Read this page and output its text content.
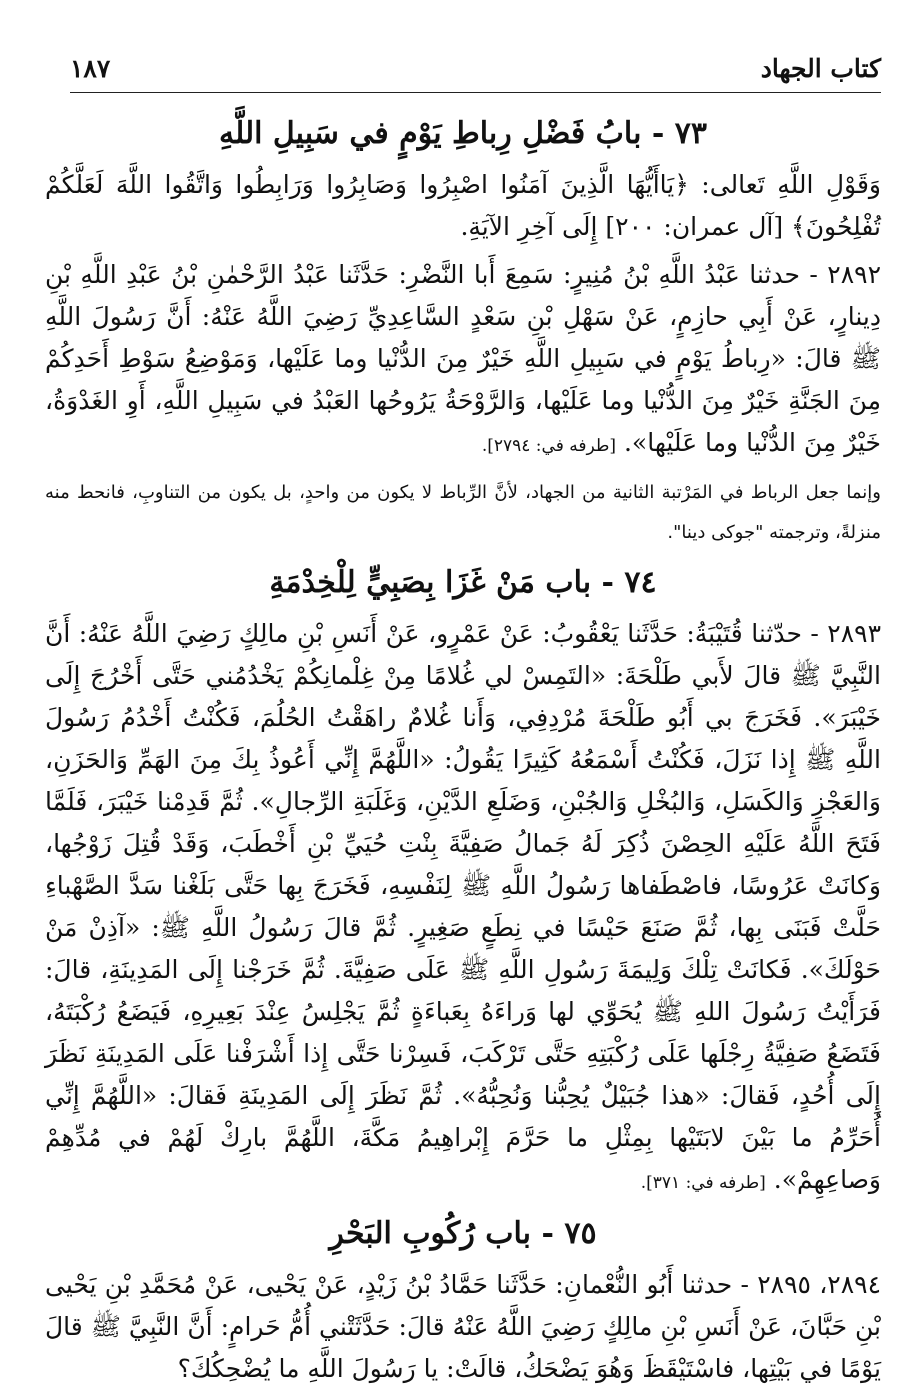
كتاب الجهاد
١٨٧
٧٣ - بابُ فَضْلِ رِباطِ يَوْمٍ في سَبِيلِ اللَّهِ

وَقَوْلِ اللَّهِ تَعالى: ﴿يَاأَيُّهَا الَّذِينَ آمَنُوا اصْبِرُوا وَصَابِرُوا وَرَابِطُوا وَاتَّقُوا اللَّهَ لَعَلَّكُمْ تُفْلِحُونَ﴾ [آل عمران: ٢٠٠] إِلَى آخِرِ الآيَةِ.

٢٨٩٢ - حدثنا عَبْدُ اللَّهِ بْنُ مُنِيرٍ: سَمِعَ أَبا النَّضْرِ: حَدَّثَنا عَبْدُ الرَّحْمٰنِ بْنُ عَبْدِ اللَّهِ بْنِ دِينارٍ، عَنْ أَبِي حازِمٍ، عَنْ سَهْلِ بْنِ سَعْدٍ السَّاعِدِيِّ رَضِيَ اللَّهُ عَنْهُ: أَنَّ رَسُولَ اللَّهِ ﷺ قالَ: «رِباطُ يَوْمٍ في سَبِيلِ اللَّهِ خَيْرٌ مِنَ الدُّنْيا وما عَلَيْها، وَمَوْضِعُ سَوْطِ أَحَدِكُمْ مِنَ الجَنَّةِ خَيْرٌ مِنَ الدُّنْيا وما عَلَيْها، وَالرَّوْحَةُ يَرُوحُها العَبْدُ في سَبِيلِ اللَّهِ، أَوِ الغَدْوَةُ، خَيْرٌ مِنَ الدُّنْيا وما عَلَيْها». [طرفه في: ٢٧٩٤].

وإنما جعل الرباط في المَرْتبة الثانية من الجهاد، لأنَّ الرِّباط لا يكون من واحدٍ، بل يكون من التناوبِ، فانحط منه منزلةً، وترجمته "جوكى دينا".

٧٤ - باب مَنْ غَزَا بِصَبِيٍّ لِلْخِدْمَةِ

٢٨٩٣ - حدّثنا قُتَيْبَةُ: حَدَّثَنا يَعْقُوبُ: عَنْ عَمْرٍو، عَنْ أَنَسِ بْنِ مالِكٍ رَضِيَ اللَّهُ عَنْهُ: أَنَّ النَّبِيَّ ﷺ قالَ لأَبي طَلْحَةَ: «التَمِسْ لي غُلامًا مِنْ غِلْمانِكُمْ يَخْدُمُني حَتَّى أَخْرُجَ إِلَى خَيْبَرَ». فَخَرَجَ بي أَبُو طَلْحَةَ مُرْدِفِي، وَأَنا غُلامٌ راهَقْتُ الحُلُمَ، فَكُنْتُ أَخْدُمُ رَسُولَ اللَّهِ ﷺ إِذا نَزَلَ، فَكُنْتُ أَسْمَعُهُ كَثِيرًا يَقُولُ: «اللَّهُمَّ إِنِّي أَعُوذُ بِكَ مِنَ الهَمِّ وَالحَزَنِ، وَالعَجْزِ وَالكَسَلِ، وَالبُخْلِ وَالجُبْنِ، وَضَلَعِ الدَّيْنِ، وَغَلَبَةِ الرِّجالِ». ثُمَّ قَدِمْنا خَيْبَرَ، فَلَمَّا فَتَحَ اللَّهُ عَلَيْهِ الحِصْنَ ذُكِرَ لَهُ جَمالُ صَفِيَّةَ بِنْتِ حُيَيِّ بْنِ أَخْطَبَ، وَقَدْ قُتِلَ زَوْجُها، وَكانَتْ عَرُوسًا، فاصْطَفاها رَسُولُ اللَّهِ ﷺ لِنَفْسِهِ، فَخَرَجَ بِها حَتَّى بَلَغْنا سَدَّ الصَّهْباءِ حَلَّتْ فَبَنَى بِها، ثُمَّ صَنَعَ حَيْسًا في نِطَعٍ صَغِيرٍ. ثُمَّ قالَ رَسُولُ اللَّهِ ﷺ: «آذِنْ مَنْ حَوْلَكَ». فَكانَتْ تِلْكَ وَلِيمَةَ رَسُولِ اللَّهِ ﷺ عَلَى صَفِيَّةَ. ثُمَّ خَرَجْنا إِلَى المَدِينَةِ، قالَ: فَرَأَيْتُ رَسُولَ اللهِ ﷺ يُحَوِّي لها وَراءَهُ بِعَباءَةٍ ثُمَّ يَجْلِسُ عِنْدَ بَعِيرِهِ، فَيَضَعُ رُكْبَتَهُ، فَتَضَعُ صَفِيَّةُ رِجْلَها عَلَى رُكْبَتِهِ حَتَّى تَرْكَبَ، فَسِرْنا حَتَّى إِذا أَشْرَفْنا عَلَى المَدِينَةِ نَظَرَ إِلَى أُحُدٍ، فَقالَ: «هذا جُبَيْلٌ يُحِبُّنا وَنُحِبُّهُ». ثُمَّ نَظَرَ إِلَى المَدِينَةِ فَقالَ: «اللَّهُمَّ إِنِّي أُحَرِّمُ ما بَيْنَ لابَتَيْها بِمِثْلِ ما حَرَّمَ إِبْراهِيمُ مَكَّةَ، اللَّهُمَّ بارِكْ لَهُمْ في مُدِّهِمْ وَصاعِهِمْ». [طرفه في: ٣٧١].

٧٥ - باب رُكُوبِ البَحْرِ

٢٨٩٤، ٢٨٩٥ - حدثنا أَبُو النُّعْمانِ: حَدَّثَنا حَمَّادُ بْنُ زَيْدٍ، عَنْ يَحْيى، عَنْ مُحَمَّدِ بْنِ يَحْيى بْنِ حَبَّانَ، عَنْ أَنَسِ بْنِ مالِكٍ رَضِيَ اللَّهُ عَنْهُ قالَ: حَدَّثَتْني أُمُّ حَرامٍ: أَنَّ النَّبِيَّ ﷺ قالَ يَوْمًا في بَيْتِها، فاسْتَيْقَظَ وَهُوَ يَضْحَكُ، قالَتْ: يا رَسُولَ اللَّهِ ما يُضْحِكُكَ؟
